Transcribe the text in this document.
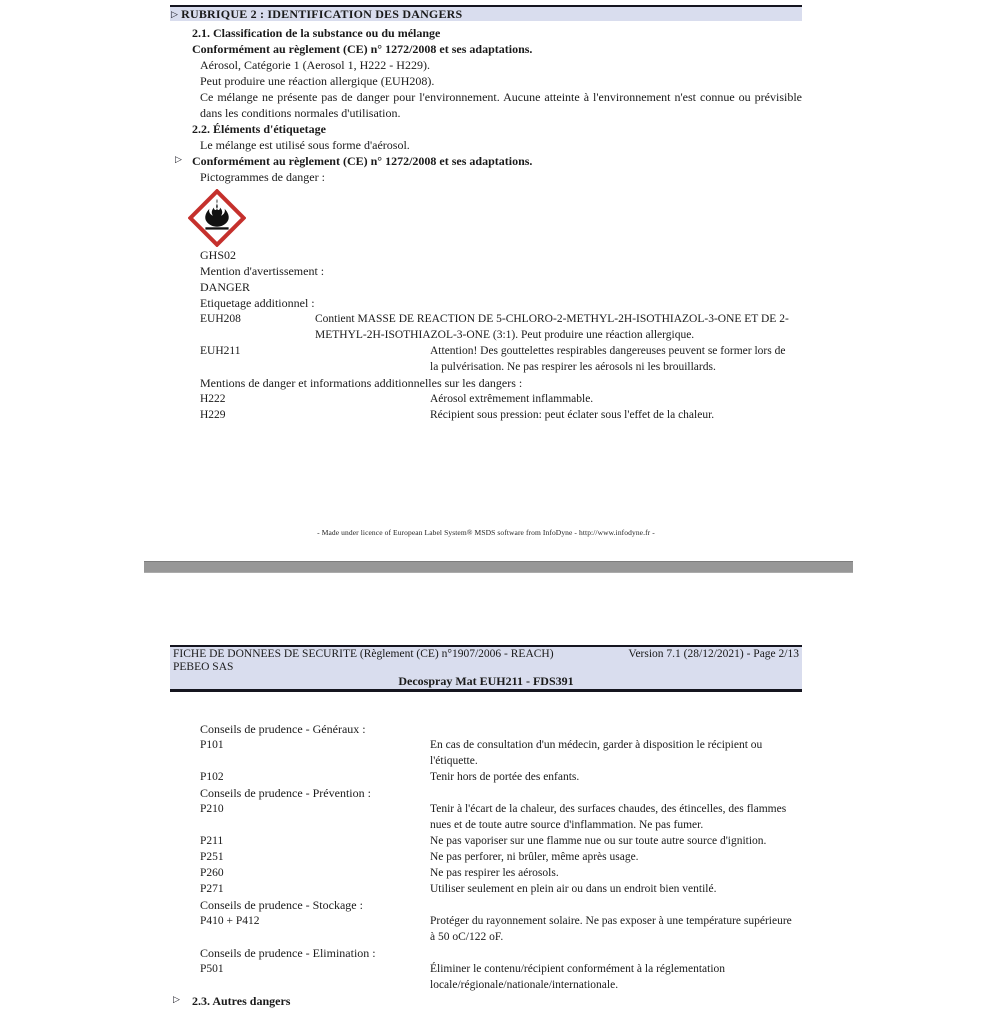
▷ RUBRIQUE 2 : IDENTIFICATION DES DANGERS
2.1. Classification de la substance ou du mélange
Conformément au règlement (CE) n° 1272/2008 et ses adaptations.
Aérosol, Catégorie 1 (Aerosol 1, H222 - H229).
Peut produire une réaction allergique (EUH208).
Ce mélange ne présente pas de danger pour l'environnement. Aucune atteinte à l'environnement n'est connue ou prévisible dans les conditions normales d'utilisation.
2.2. Éléments d'étiquetage
Le mélange est utilisé sous forme d'aérosol.
▷ Conformément au règlement (CE) n° 1272/2008 et ses adaptations.
Pictogrammes de danger :
GHS02
Mention d'avertissement :
DANGER
Etiquetage additionnel :
EUH208	Contient MASSE DE REACTION DE 5-CHLORO-2-METHYL-2H-ISOTHIAZOL-3-ONE ET DE 2-METHYL-2H-ISOTHIAZOL-3-ONE (3:1). Peut produire une réaction allergique.
EUH211	Attention! Des gouttelettes respirables dangereuses peuvent se former lors de la pulvérisation. Ne pas respirer les aérosols ni les brouillards.
Mentions de danger et informations additionnelles sur les dangers :
H222	Aérosol extrêmement inflammable.
H229	Récipient sous pression: peut éclater sous l'effet de la chaleur.
- Made under licence of European Label System® MSDS software from InfoDyne - http://www.infodyne.fr -
FICHE DE DONNEES DE SECURITE (Règlement (CE) n°1907/2006 - REACH)	Version 7.1 (28/12/2021) - Page 2/13
PEBEO SAS
Decospray Mat EUH211 - FDS391
Conseils de prudence - Généraux :
P101	En cas de consultation d'un médecin, garder à disposition le récipient ou l'étiquette.
P102	Tenir hors de portée des enfants.
Conseils de prudence - Prévention :
P210	Tenir à l'écart de la chaleur, des surfaces chaudes, des étincelles, des flammes nues et de toute autre source d'inflammation. Ne pas fumer.
P211	Ne pas vaporiser sur une flamme nue ou sur toute autre source d'ignition.
P251	Ne pas perforer, ni brûler, même après usage.
P260	Ne pas respirer les aérosols.
P271	Utiliser seulement en plein air ou dans un endroit bien ventilé.
Conseils de prudence - Stockage :
P410 + P412	Protéger du rayonnement solaire. Ne pas exposer à une température supérieure à 50 oC/122 oF.
Conseils de prudence - Elimination :
P501	Éliminer le contenu/récipient conformément à la réglementation locale/régionale/nationale/internationale.
▷ 2.3. Autres dangers
